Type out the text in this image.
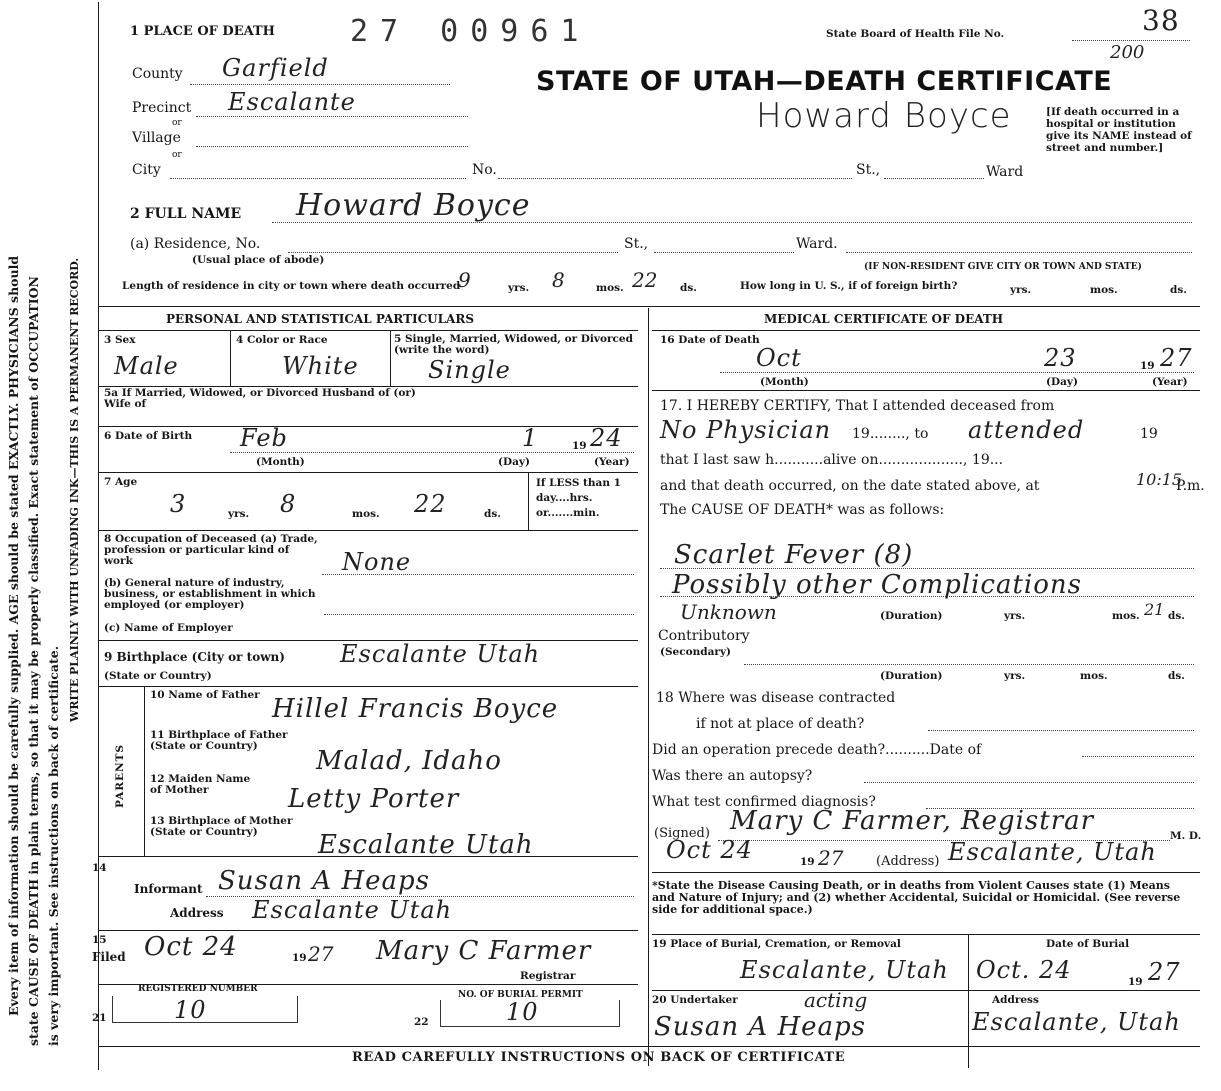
Every item of information should be carefully supplied. AGE should be stated EXACTLY. PHYSICIANS should state CAUSE OF DEATH in plain terms, so that it may be properly classified. Exact statement of OCCUPATION is very important. See instructions on back of certificate.
WRITE PLAINLY WITH UNFADING INK—THIS IS A PERMANENT RECORD.
1 PLACE OF DEATH	27 00961	State Board of Health File No.	38
200
STATE OF UTAH—DEATH CERTIFICATE
County Garfield
Precinct Escalante
or
Village
or
City	No.	St.,	Ward
Howard Boyce	[If death occurred in a hospital or institution give its NAME instead of street and number.]
2 FULL NAME Howard Boyce
(a) Residence, No.	St.,	Ward.
(Usual place of abode)
(IF NON-RESIDENT GIVE CITY OR TOWN AND STATE)
Length of residence in city or town where death occurred
9	yrs. 8	mos. 22 ds.	How long in U. S., if of foreign birth?	yrs.	mos.	ds.
PERSONAL AND STATISTICAL PARTICULARS
3 Sex
Male
4 Color or Race
White
5 Single, Married, Widowed, or Divorced (write the word)
Single
5a If Married, Widowed, or Divorced Husband of (or) Wife of
6 Date of Birth Feb	1	19 24
(Month)	(Day)	(Year)
7 Age
3	yrs. 8	mos. 22	ds.
If LESS than 1 day....hrs. or.......min.
8 Occupation of Deceased (a) Trade, profession or particular kind of work	None
(b) General nature of industry, business, or establishment in which employed (or employer)
(c) Name of Employer
9 Birthplace (City or town) Escalante Utah
(State or Country)
PARENTS
10 Name of Father Hillel Francis Boyce
11 Birthplace of Father (State or Country)	Malad, Idaho
12 Maiden Name of Mother	Letty Porter
13 Birthplace of Mother (State or Country)	Escalante Utah
14
Informant Susan A Heaps
Address Escalante Utah
15
Filed Oct 24	19 27 Mary C Farmer
Registrar
REGISTERED NUMBER
21	10
NO. OF BURIAL PERMIT
22	10
MEDICAL CERTIFICATE OF DEATH
16 Date of Death
Oct	23	19 27
(Month)	(Day)	(Year)
17. I HEREBY CERTIFY, That I attended deceased from
No Physician 19........, to attended	19
that I last saw h...........alive on..................., 19...
and that death occurred, on the date stated above, at	10:15
P.m.
The CAUSE OF DEATH* was as follows:
Scarlet Fever (8)
Possibly other Complications
Unknown	(Duration)	yrs.	mos. 21 ds.
Contributory
(Secondary)
(Duration)	yrs.	mos.	ds.
18 Where was disease contracted
if not at place of death?
Did an operation precede death?..........Date of
Was there an autopsy?
What test confirmed diagnosis?
(Signed) Mary C Farmer, Registrar	M. D.
Oct 24	19 27	(Address) Escalante, Utah
*State the Disease Causing Death, or in deaths from Violent Causes state (1) Means and Nature of Injury; and (2) whether Accidental, Suicidal or Homicidal. (See reverse side for additional space.)
19 Place of Burial, Cremation, or Removal
Escalante, Utah
Date of Burial
Oct. 24	19 27
20 Undertaker	acting
Susan A Heaps
Address
Escalante, Utah
READ CAREFULLY INSTRUCTIONS ON BACK OF CERTIFICATE
